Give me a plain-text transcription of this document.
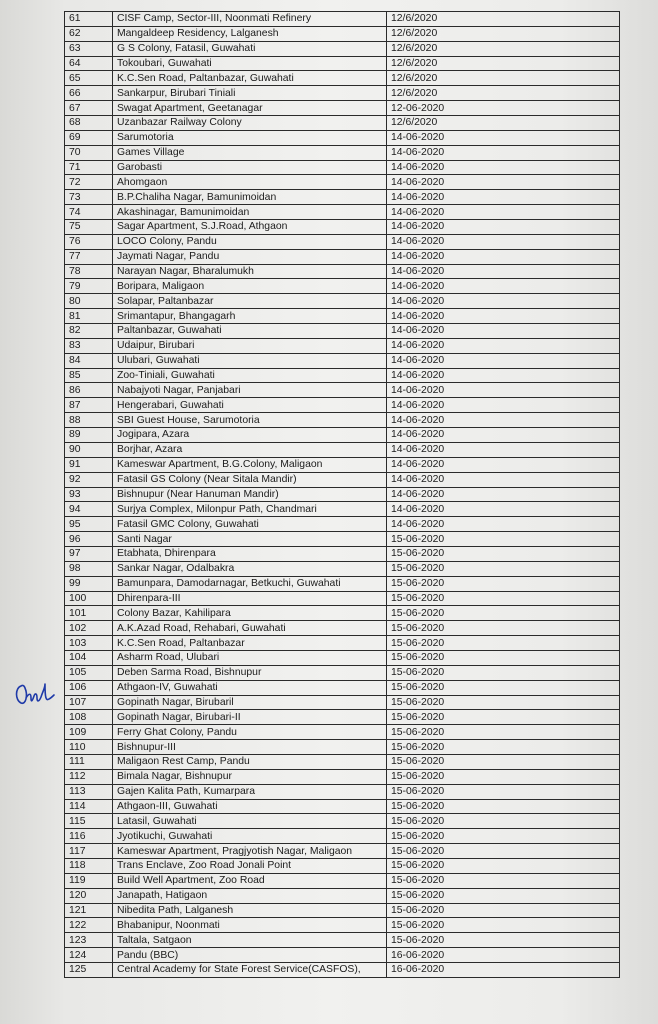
61	CISF Camp, Sector-III, Noonmati Refinery	12/6/2020
62	Mangaldeep Residency, Lalganesh	12/6/2020
63	G S Colony, Fatasil, Guwahati	12/6/2020
64	Tokoubari, Guwahati	12/6/2020
65	K.C.Sen Road, Paltanbazar, Guwahati	12/6/2020
66	Sankarpur, Birubari Tiniali	12/6/2020
67	Swagat Apartment, Geetanagar	12-06-2020
68	Uzanbazar Railway Colony	12/6/2020
69	Sarumotoria	14-06-2020
70	Games Village	14-06-2020
71	Garobasti	14-06-2020
72	Ahomgaon	14-06-2020
73	B.P.Chaliha Nagar, Bamunimoidan	14-06-2020
74	Akashinagar, Bamunimoidan	14-06-2020
75	Sagar Apartment, S.J.Road, Athgaon	14-06-2020
76	LOCO Colony, Pandu	14-06-2020
77	Jaymati Nagar, Pandu	14-06-2020
78	Narayan Nagar, Bharalumukh	14-06-2020
79	Boripara, Maligaon	14-06-2020
80	Solapar, Paltanbazar	14-06-2020
81	Srimantapur, Bhangagarh	14-06-2020
82	Paltanbazar, Guwahati	14-06-2020
83	Udaipur, Birubari	14-06-2020
84	Ulubari, Guwahati	14-06-2020
85	Zoo-Tiniali, Guwahati	14-06-2020
86	Nabajyoti Nagar, Panjabari	14-06-2020
87	Hengerabari, Guwahati	14-06-2020
88	SBI Guest House, Sarumotoria	14-06-2020
89	Jogipara, Azara	14-06-2020
90	Borjhar, Azara	14-06-2020
91	Kameswar Apartment, B.G.Colony, Maligaon	14-06-2020
92	Fatasil GS Colony (Near Sitala Mandir)	14-06-2020
93	Bishnupur (Near Hanuman Mandir)	14-06-2020
94	Surjya Complex, Milonpur Path, Chandmari	14-06-2020
95	Fatasil GMC Colony, Guwahati	14-06-2020
96	Santi Nagar	15-06-2020
97	Etabhata, Dhirenpara	15-06-2020
98	Sankar Nagar, Odalbakra	15-06-2020
99	Bamunpara, Damodarnagar, Betkuchi, Guwahati	15-06-2020
100	Dhirenpara-III	15-06-2020
101	Colony Bazar, Kahilipara	15-06-2020
102	A.K.Azad Road, Rehabari, Guwahati	15-06-2020
103	K.C.Sen Road, Paltanbazar	15-06-2020
104	Asharm Road, Ulubari	15-06-2020
105	Deben Sarma Road, Bishnupur	15-06-2020
106	Athgaon-IV, Guwahati	15-06-2020
107	Gopinath Nagar, Birubaril	15-06-2020
108	Gopinath Nagar, Birubari-II	15-06-2020
109	Ferry Ghat Colony, Pandu	15-06-2020
110	Bishnupur-III	15-06-2020
111	Maligaon Rest Camp, Pandu	15-06-2020
112	Bimala Nagar, Bishnupur	15-06-2020
113	Gajen Kalita Path, Kumarpara	15-06-2020
114	Athgaon-III, Guwahati	15-06-2020
115	Latasil, Guwahati	15-06-2020
116	Jyotikuchi, Guwahati	15-06-2020
117	Kameswar Apartment, Pragjyotish Nagar, Maligaon	15-06-2020
118	Trans Enclave, Zoo Road Jonali Point	15-06-2020
119	Build Well Apartment, Zoo Road	15-06-2020
120	Janapath, Hatigaon	15-06-2020
121	Nibedita Path, Lalganesh	15-06-2020
122	Bhabanipur, Noonmati	15-06-2020
123	Taltala, Satgaon	15-06-2020
124	Pandu (BBC)	16-06-2020
125	Central Academy for State Forest Service(CASFOS),	16-06-2020
